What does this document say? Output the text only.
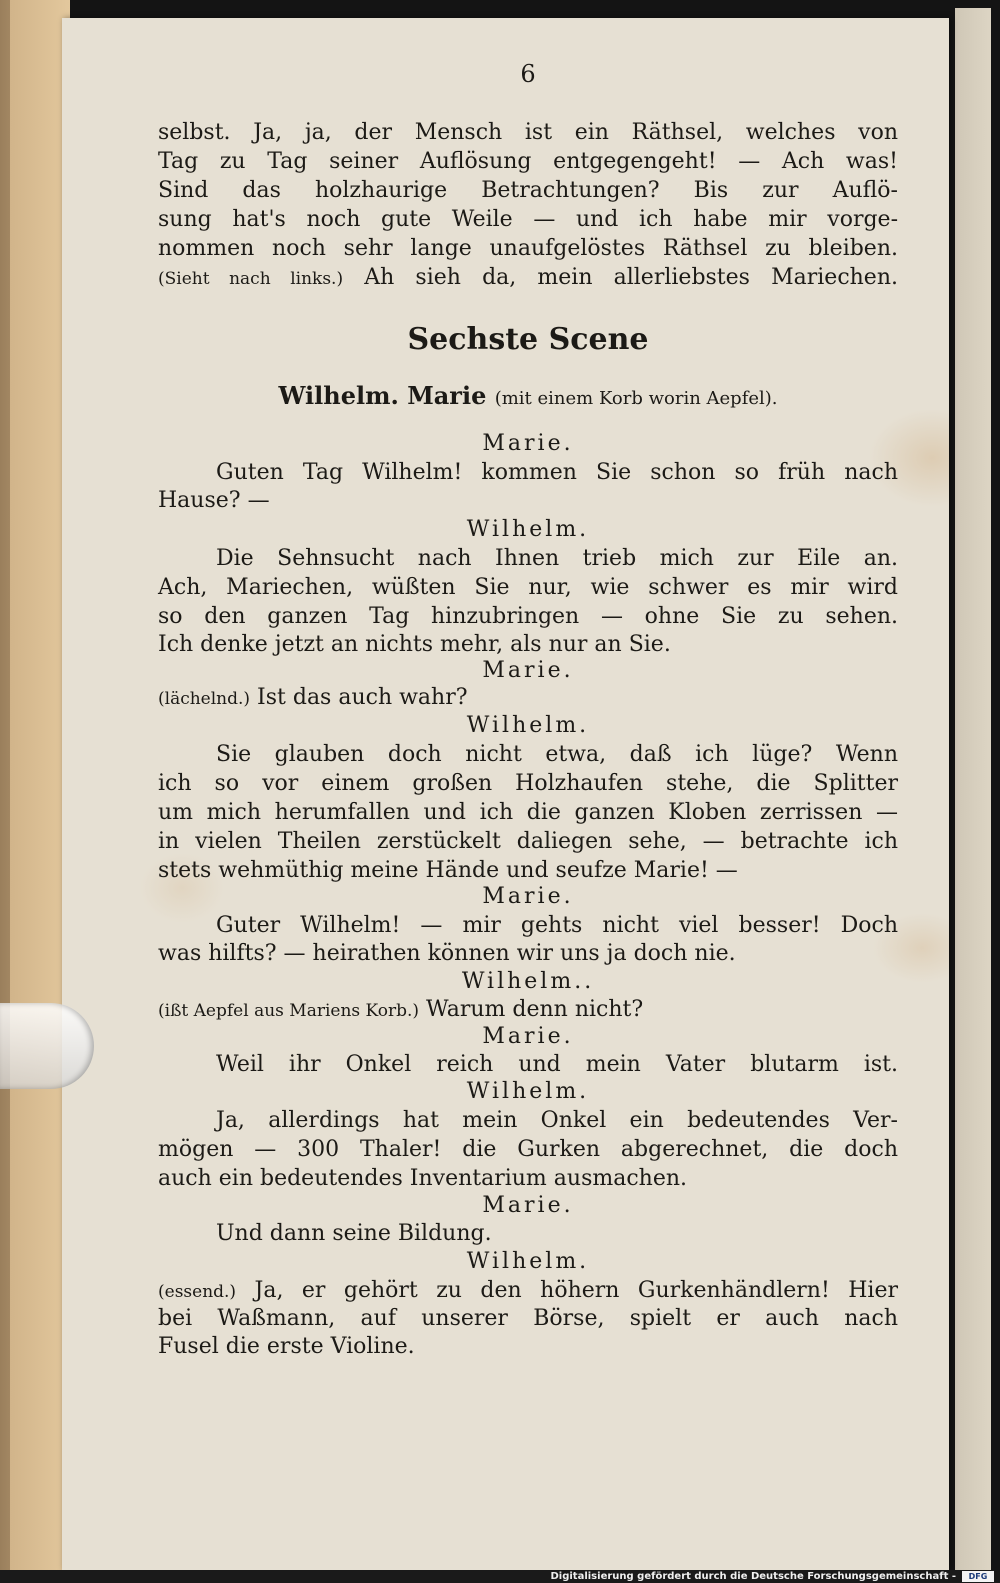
6
selbst. Ja, ja, der Mensch ist ein Räthsel, welches von
Tag zu Tag seiner Auflösung entgegengeht! — Ach was!
Sind das holzhaurige Betrachtungen? Bis zur Auflö-
sung hat's noch gute Weile — und ich habe mir vorge-
nommen noch sehr lange unaufgelöstes Räthsel zu bleiben.
(Sieht nach links.) Ah sieh da, mein allerliebstes Mariechen.
Sechste Scene
Wilhelm. Marie (mit einem Korb worin Aepfel).
Marie.
Guten Tag Wilhelm! kommen Sie schon so früh nach
Hause? —
Wilhelm.
Die Sehnsucht nach Ihnen trieb mich zur Eile an.
Ach, Mariechen, wüßten Sie nur, wie schwer es mir wird
so den ganzen Tag hinzubringen — ohne Sie zu sehen.
Ich denke jetzt an nichts mehr, als nur an Sie.
Marie.
(lächelnd.) Ist das auch wahr?
Wilhelm.
Sie glauben doch nicht etwa, daß ich lüge? Wenn
ich so vor einem großen Holzhaufen stehe, die Splitter
um mich herumfallen und ich die ganzen Kloben zerrissen —
in vielen Theilen zerstückelt daliegen sehe, — betrachte ich
stets wehmüthig meine Hände und seufze Marie! —
Marie.
Guter Wilhelm! — mir gehts nicht viel besser! Doch
was hilfts? — heirathen können wir uns ja doch nie.
Wilhelm..
(ißt Aepfel aus Mariens Korb.) Warum denn nicht?
Marie.
Weil ihr Onkel reich und mein Vater blutarm ist.
Wilhelm.
Ja, allerdings hat mein Onkel ein bedeutendes Ver-
mögen — 300 Thaler! die Gurken abgerechnet, die doch
auch ein bedeutendes Inventarium ausmachen.
Marie.
Und dann seine Bildung.
Wilhelm.
(essend.) Ja, er gehört zu den höhern Gurkenhändlern! Hier
bei Waßmann, auf unserer Börse, spielt er auch nach
Fusel die erste Violine.
Digitalisierung gefördert durch die Deutsche Forschungsgemeinschaft -	DFG
